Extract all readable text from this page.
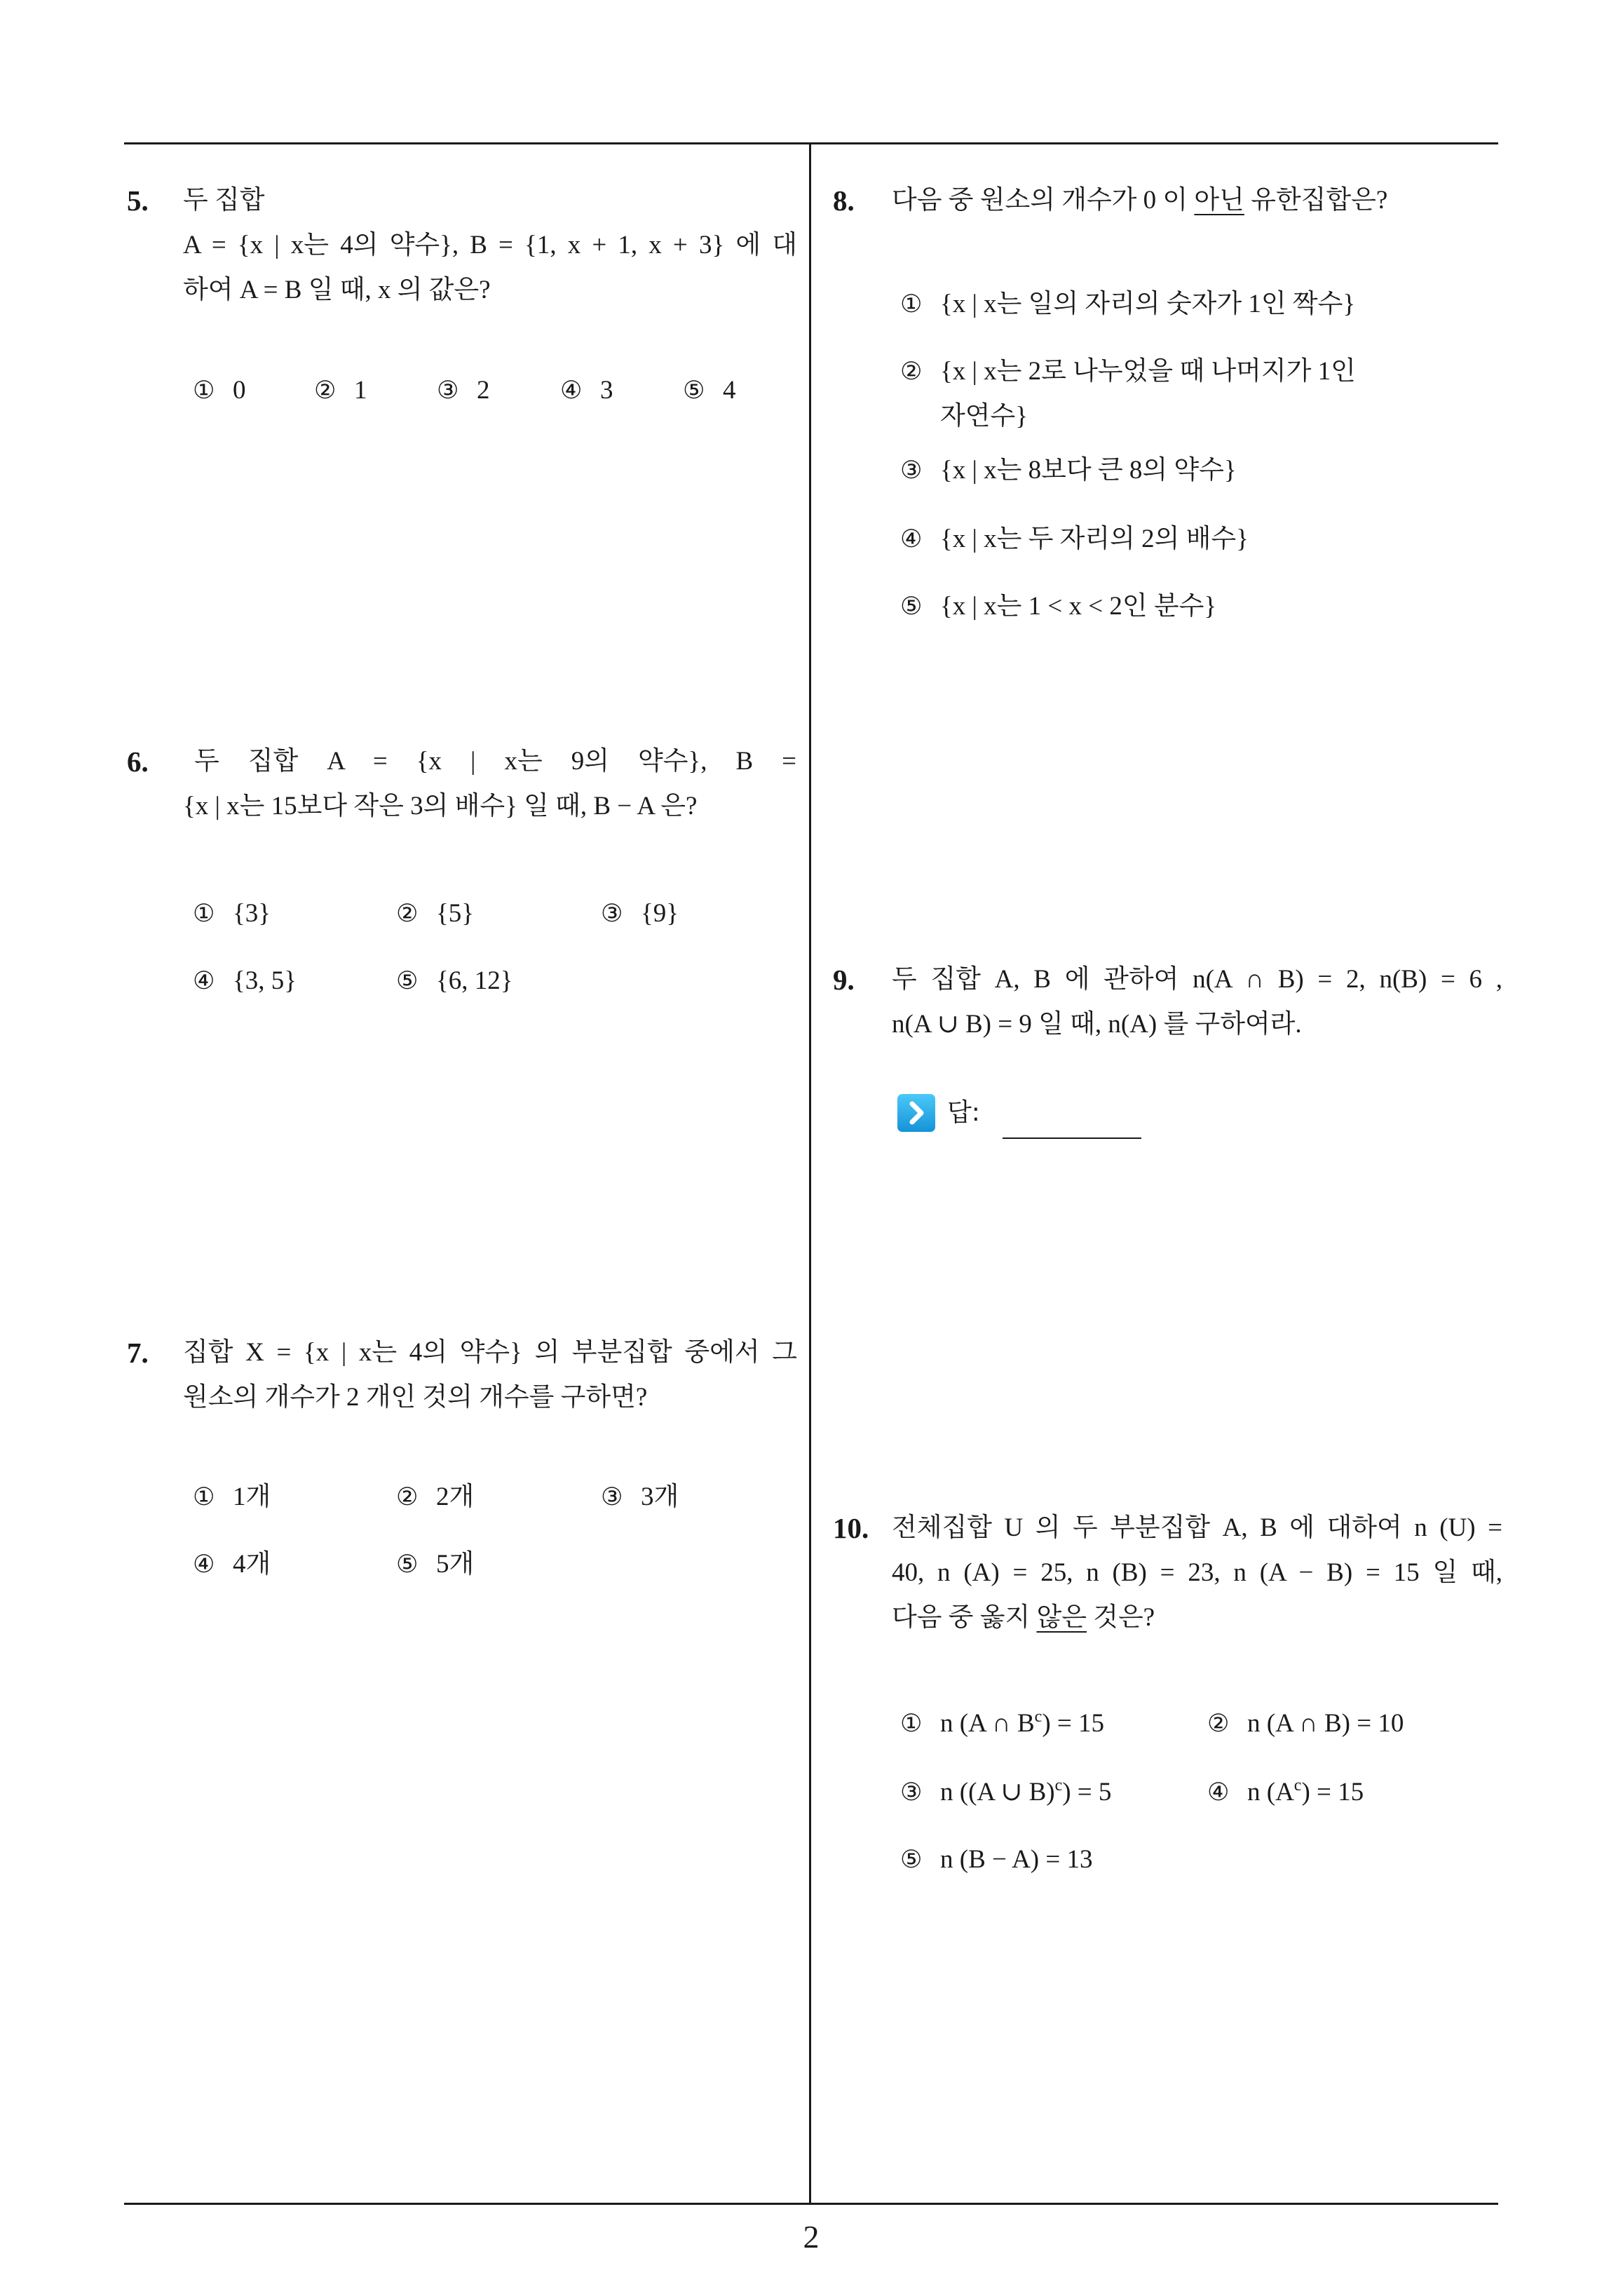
5. 두 집합
A = {x | x는 4의 약수}, B = {1, x + 1, x + 3} 에 대
하여 A = B 일 때, x 의 값은?
① 0	② 1	③ 2	④ 3	⑤ 4
6. 두 집합 A = {x | x는 9의 약수}, B =
{x | x는 15보다 작은 3의 배수} 일 때, B − A 은?
① {3}	② {5}	③ {9}
④ {3, 5}	⑤ {6, 12}
7. 집합 X = {x | x는 4의 약수} 의 부분집합 중에서 그
원소의 개수가 2 개인 것의 개수를 구하면?
① 1개	② 2개	③ 3개
④ 4개	⑤ 5개
8. 다음 중 원소의 개수가 0 이 아닌 유한집합은?
① {x | x는 일의 자리의 숫자가 1인 짝수}
② {x | x는 2로 나누었을 때 나머지가 1인
자연수}
③ {x | x는 8보다 큰 8의 약수}
④ {x | x는 두 자리의 2의 배수}
⑤ {x | x는 1 < x < 2인 분수}
9. 두 집합 A, B 에 관하여 n(A ∩ B) = 2, n(B) = 6 ,
n(A ∪ B) = 9 일 때, n(A) 를 구하여라.
답:
10. 전체집합 U 의 두 부분집합 A, B 에 대하여 n (U) =
40, n (A) = 25, n (B) = 23, n (A − B) = 15 일 때,
다음 중 옳지 않은 것은?
① n (A ∩ $B^c) = 15$	② n (A ∩ B) = 10
③ n ((A ∪ B)$^c$) = 5	④ n $(A^c) = 15$
⑤ n (B − A) = 13
2
